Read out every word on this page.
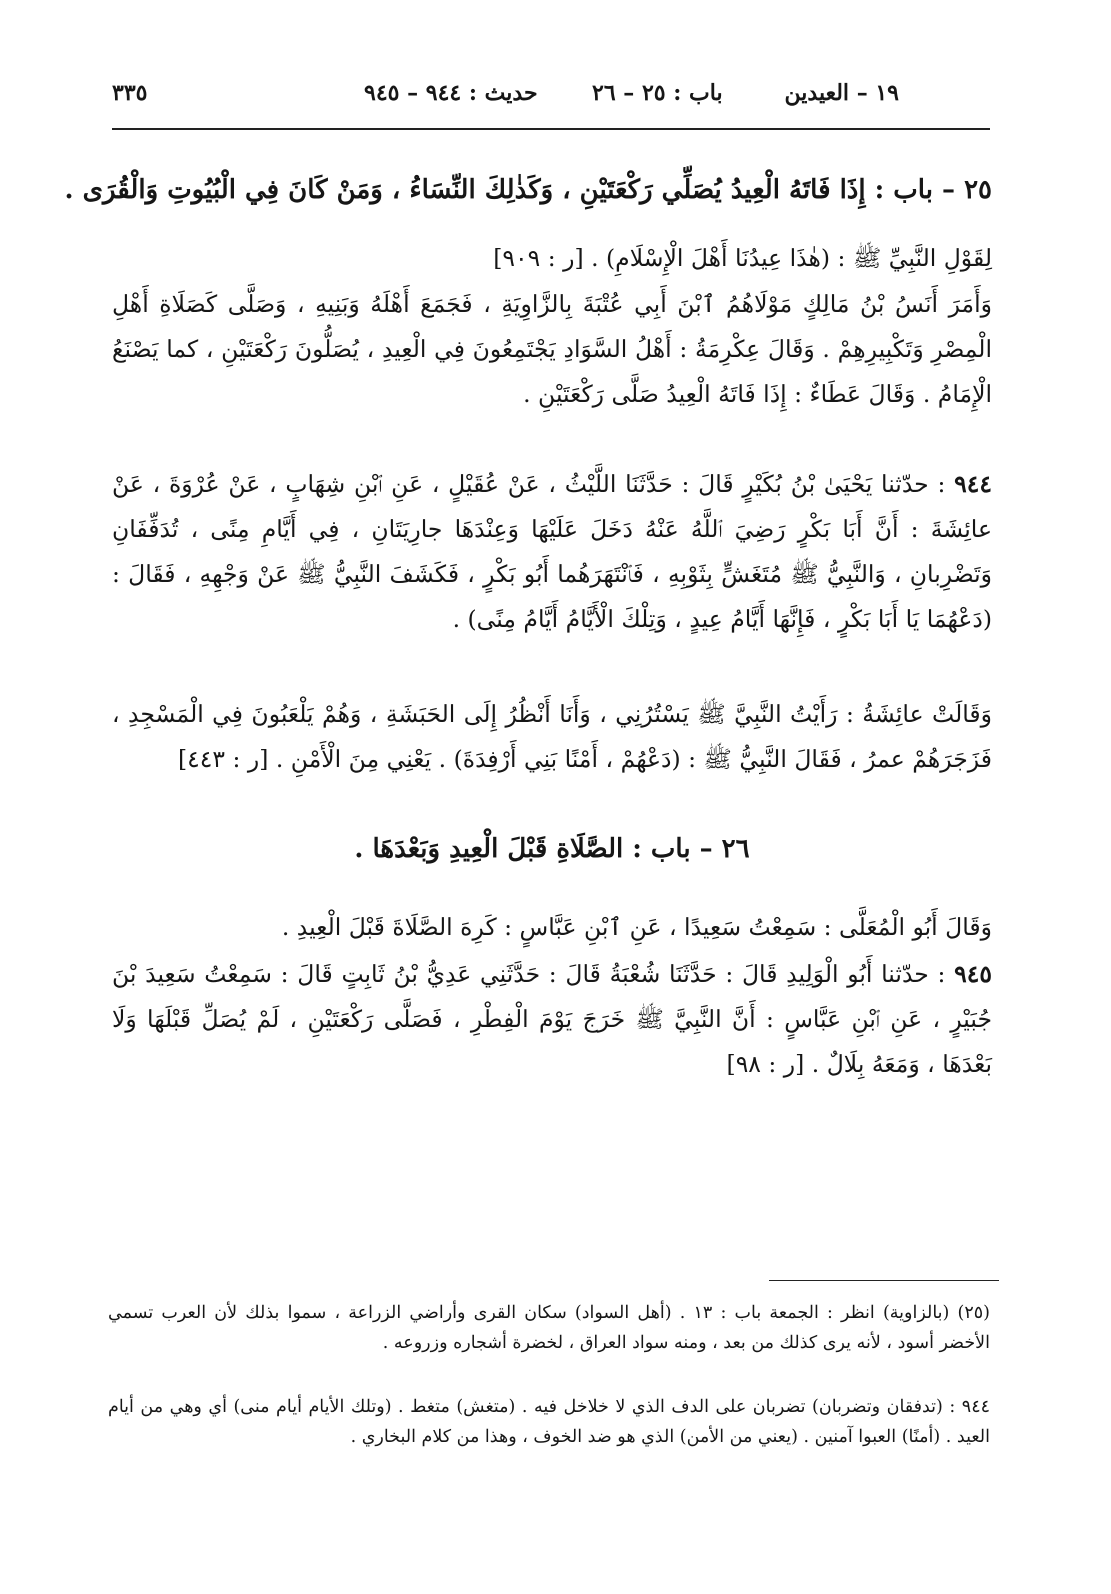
١٩ – العيدين
باب : ٢٥ – ٢٦
حديث : ٩٤٤ – ٩٤٥
٣٣٥
٢٥ – باب : إِذَا فَاتَهُ الْعِيدُ يُصَلِّي رَكْعَتَيْنِ ، وَكَذٰلِكَ النِّسَاءُ ، وَمَنْ كَانَ فِي الْبُيُوتِ وَالْقُرَى .
لِقَوْلِ النَّبِيِّ ﷺ : (هٰذَا عِيدُنَا أَهْلَ الْإِسْلَامِ) . [ر : ٩٠٩]
وَأَمَرَ أَنَسُ بْنُ مَالِكٍ مَوْلَاهُمُ ٱبْنَ أَبِي عُتْبَةَ بِالزَّاوِيَةِ ، فَجَمَعَ أَهْلَهُ وَبَنِيهِ ، وَصَلَّى كَصَلَاةِ أَهْلِ الْمِصْرِ وَتَكْبِيرِهِمْ . وَقَالَ عِكْرِمَةُ : أَهْلُ السَّوَادِ يَجْتَمِعُونَ فِي الْعِيدِ ، يُصَلُّونَ رَكْعَتَيْنِ ، كما يَصْنَعُ الْإِمَامُ . وَقَالَ عَطَاءٌ : إِذَا فَاتَهُ الْعِيدُ صَلَّى رَكْعَتَيْنِ .
٩٤٤ : حدّثنا يَحْيَىٰ بْنُ بُكَيْرٍ قَالَ : حَدَّثَنَا اللَّيْثُ ، عَنْ عُقَيْلٍ ، عَنِ ٱبْنِ شِهَابٍ ، عَنْ عُرْوَةَ ، عَنْ عائِشَةَ : أَنَّ أَبَا بَكْرٍ رَضِيَ ٱللَّهُ عَنْهُ دَخَلَ عَلَيْهَا وَعِنْدَهَا جارِيَتَانِ ، فِي أَيَّامِ مِنًى ، تُدَفِّفَانِ وَتَضْرِبانِ ، وَالنَّبِيُّ ﷺ مُتَغَشٍّ بِثَوْبِهِ ، فَٱنْتَهَرَهُما أَبُو بَكْرٍ ، فَكَشَفَ النَّبِيُّ ﷺ عَنْ وَجْهِهِ ، فَقَالَ : (دَعْهُمَا يَا أَبَا بَكْرٍ ، فَإِنَّهَا أَيَّامُ عِيدٍ ، وَتِلْكَ الْأَيَّامُ أَيَّامُ مِنًى) .
وَقَالَتْ عائِشَةُ : رَأَيْتُ النَّبِيَّ ﷺ يَسْتُرُنِي ، وَأَنَا أَنْظُرُ إِلَى الحَبَشَةِ ، وَهُمْ يَلْعَبُونَ فِي الْمَسْجِدِ ، فَزَجَرَهُمْ عمرُ ، فَقَالَ النَّبِيُّ ﷺ : (دَعْهُمْ ، أَمْنًا بَنِي أَرْفِدَةَ) . يَعْنِي مِنَ الْأَمْنِ . [ر : ٤٤٣]
٢٦ – باب : الصَّلَاةِ قَبْلَ الْعِيدِ وَبَعْدَهَا .
وَقَالَ أَبُو الْمُعَلَّى : سَمِعْتُ سَعِيدًا ، عَنِ ٱبْنِ عَبَّاسٍ : كَرِهَ الصَّلَاةَ قَبْلَ الْعِيدِ .
٩٤٥ : حدّثنا أَبُو الْوَلِيدِ قَالَ : حَدَّثَنَا شُعْبَةُ قَالَ : حَدَّثَنِي عَدِيُّ بْنُ ثَابِتٍ قَالَ : سَمِعْتُ سَعِيدَ بْنَ جُبَيْرٍ ، عَنِ ٱبْنِ عَبَّاسٍ : أَنَّ النَّبِيَّ ﷺ خَرَجَ يَوْمَ الْفِطْرِ ، فَصَلَّى رَكْعَتَيْنِ ، لَمْ يُصَلِّ قَبْلَهَا وَلَا بَعْدَهَا ، وَمَعَهُ بِلَالٌ . [ر : ٩٨]
(٢٥) (بالزاوية) انظر : الجمعة باب : ١٣ . (أهل السواد) سكان القرى وأراضي الزراعة ، سموا بذلك لأن العرب تسمي الأخضر أسود ، لأنه يرى كذلك من بعد ، ومنه سواد العراق ، لخضرة أشجاره وزروعه .
٩٤٤ : (تدفقان وتضربان) تضربان على الدف الذي لا خلاخل فيه . (متغش) متغط . (وتلك الأيام أيام منى) أي وهي من أيام العيد . (أمنًا) العبوا آمنين . (يعني من الأمن) الذي هو ضد الخوف ، وهذا من كلام البخاري .
